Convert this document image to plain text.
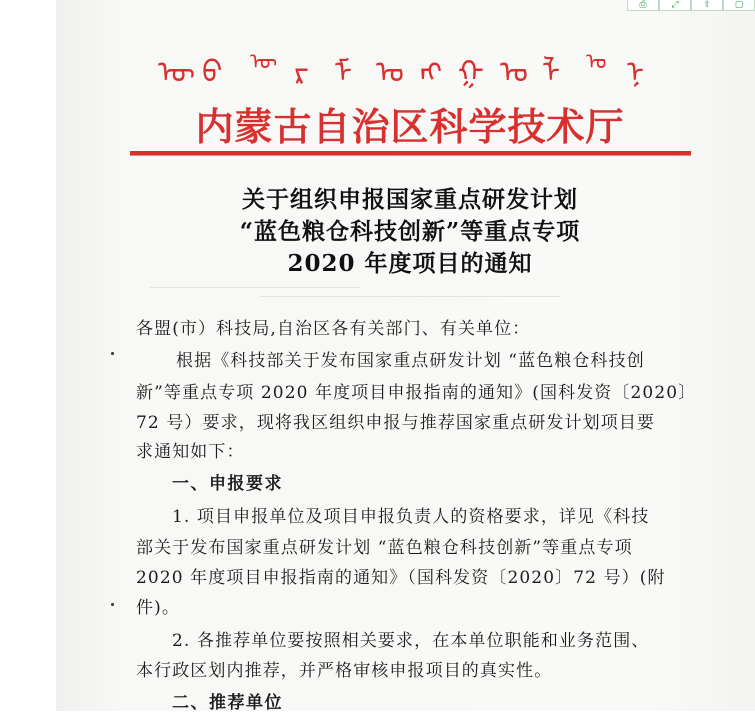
⎙	⤢	⇧	▢
ᠥ ᠪ ᠦ ᠷ ᠮ ᠣ ᠩ ᠭ ᠣ ᠯ ᠣ ᠨ
内蒙古自治区科学技术厅
关于组织申报国家重点研发计划
“蓝色粮仓科技创新”等重点专项
2020 年度项目的通知
各盟(市）科技局,自治区各有关部门、有关单位：
根据《科技部关于发布国家重点研发计划 “蓝色粮仓科技创
新”等重点专项 2020 年度项目申报指南的通知》(国科发资〔2020〕
72 号）要求，现将我区组织申报与推荐国家重点研发计划项目要
求通知如下：
一、申报要求
1. 项目申报单位及项目申报负责人的资格要求，详见《科技
部关于发布国家重点研发计划 “蓝色粮仓科技创新”等重点专项
2020 年度项目申报指南的通知》（国科发资〔2020〕72 号）(附
件)。
2. 各推荐单位要按照相关要求，在本单位职能和业务范围、
本行政区划内推荐，并严格审核申报项目的真实性。
二、推荐单位
